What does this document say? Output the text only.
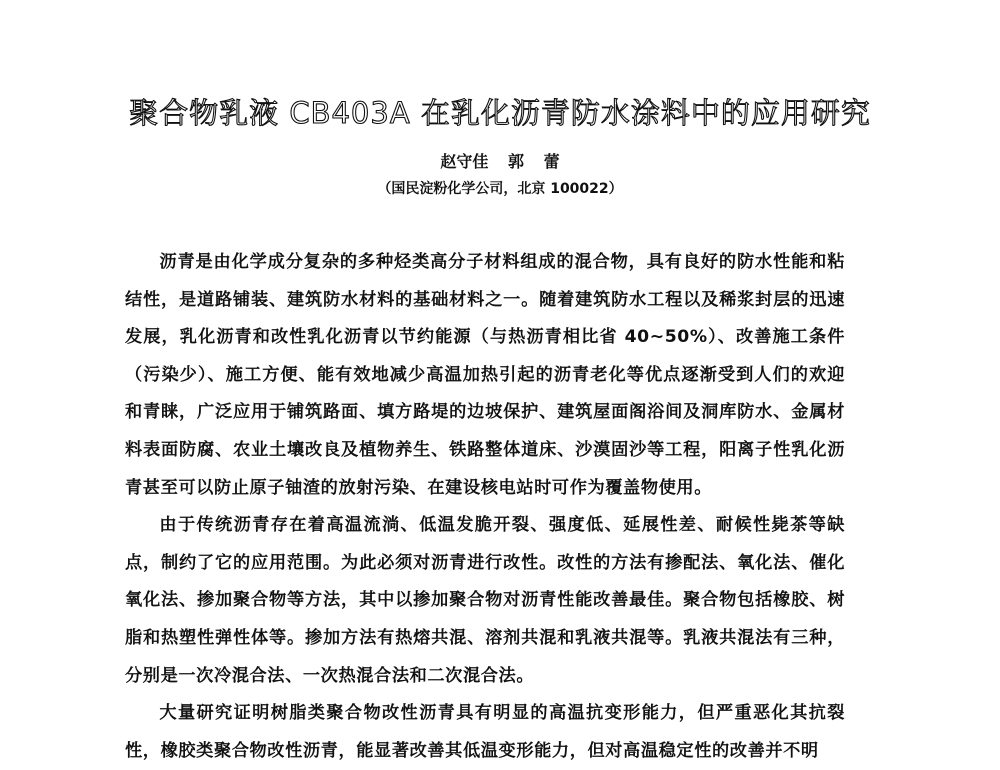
聚合物乳液 CB403A 在乳化沥青防水涂料中的应用研究
赵守佳 郭 蕾
（国民淀粉化学公司，北京 100022）

沥青是由化学成分复杂的多种烃类高分子材料组成的混合物，具有良好的防水性能和粘结性，是道路铺装、建筑防水材料的基础材料之一。随着建筑防水工程以及稀浆封层的迅速发展，乳化沥青和改性乳化沥青以节约能源（与热沥青相比省 40~50%）、改善施工条件（污染少）、施工方便、能有效地减少高温加热引起的沥青老化等优点逐渐受到人们的欢迎和青睐，广泛应用于铺筑路面、填方路堤的边坡保护、建筑屋面阁浴间及洞库防水、金属材料表面防腐、农业土壤改良及植物养生、铁路整体道床、沙漠固沙等工程，阳离子性乳化沥青甚至可以防止原子铀渣的放射污染、在建设核电站时可作为覆盖物使用。

由于传统沥青存在着高温流淌、低温发脆开裂、强度低、延展性差、耐候性毙茶等缺点，制约了它的应用范围。为此必须对沥青进行改性。改性的方法有掺配法、氧化法、催化氧化法、掺加聚合物等方法，其中以掺加聚合物对沥青性能改善最佳。聚合物包括橡胶、树脂和热塑性弹性体等。掺加方法有热熔共混、溶剂共混和乳液共混等。乳液共混法有三种，分别是一次冷混合法、一次热混合法和二次混合法。

大量研究证明树脂类聚合物改性沥青具有明显的高温抗变形能力，但严重恶化其抗裂性，橡胶类聚合物改性沥青，能显著改善其低温变形能力，但对高温稳定性的改善并不明
